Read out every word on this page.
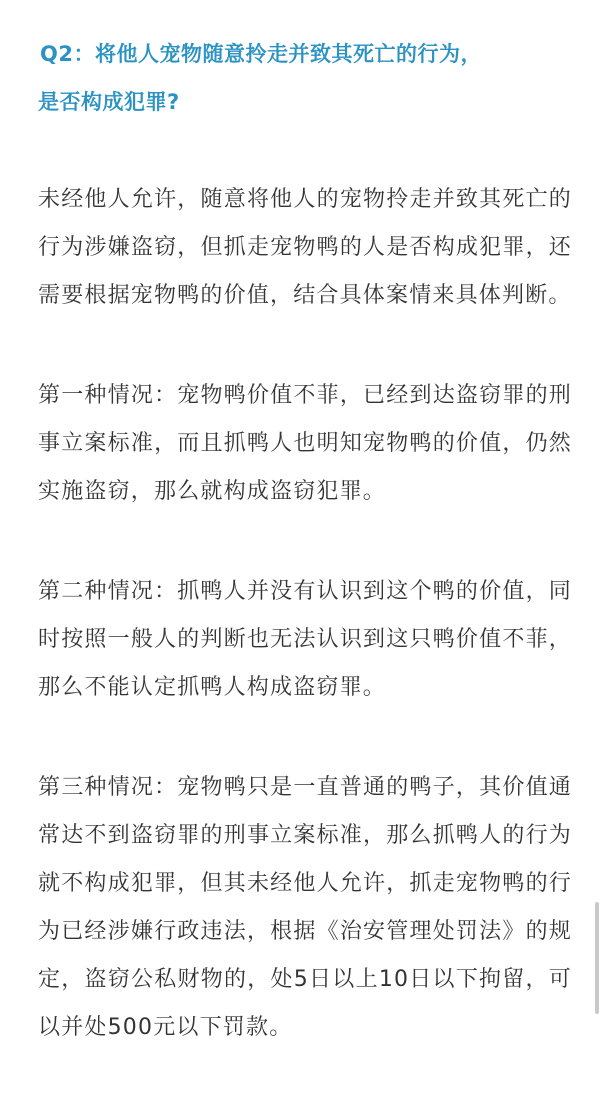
Q2：将他人宠物随意拎走并致其死亡的行为，
是否构成犯罪?

未经他人允许，随意将他人的宠物拎走并致其死亡的行为涉嫌盗窃，但抓走宠物鸭的人是否构成犯罪，还需要根据宠物鸭的价值，结合具体案情来具体判断。

第一种情况：宠物鸭价值不菲，已经到达盗窃罪的刑事立案标准，而且抓鸭人也明知宠物鸭的价值，仍然实施盗窃，那么就构成盗窃犯罪。

第二种情况：抓鸭人并没有认识到这个鸭的价值，同时按照一般人的判断也无法认识到这只鸭价值不菲，那么不能认定抓鸭人构成盗窃罪。

第三种情况：宠物鸭只是一直普通的鸭子，其价值通常达不到盗窃罪的刑事立案标准，那么抓鸭人的行为就不构成犯罪，但其未经他人允许，抓走宠物鸭的行为已经涉嫌行政违法，根据《治安管理处罚法》的规定，盗窃公私财物的，处5日以上10日以下拘留，可以并处500元以下罚款。
